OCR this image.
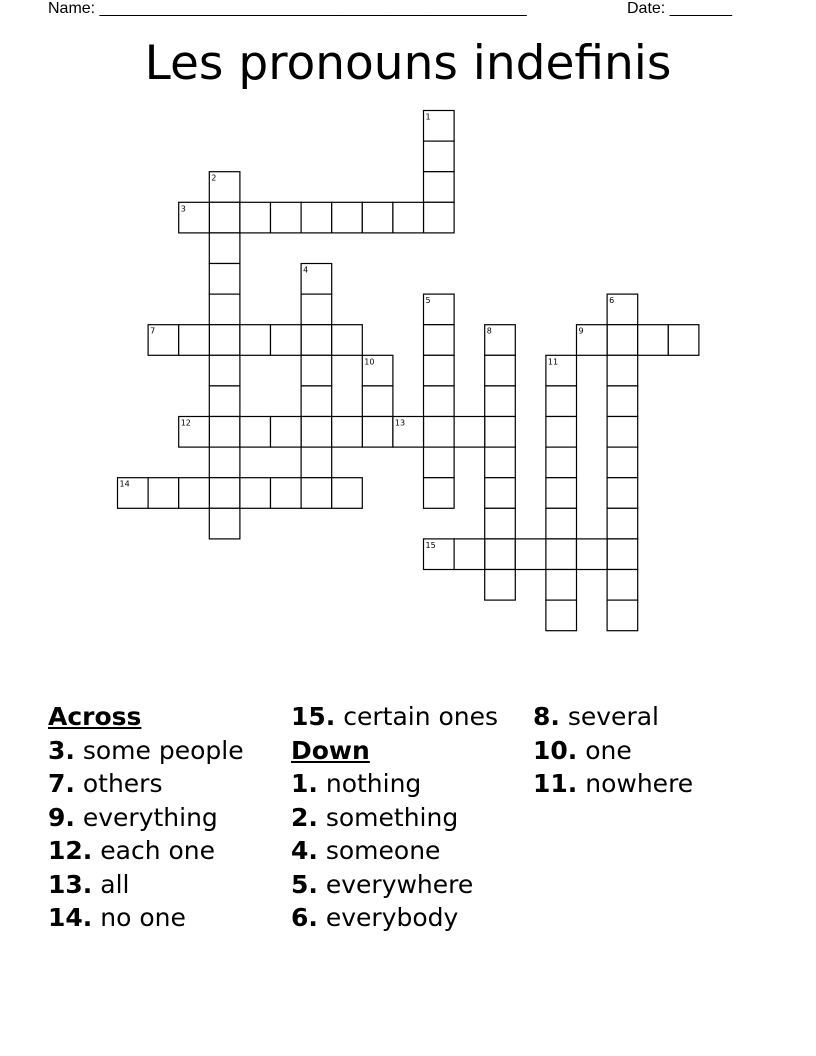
Name: ________________________________________________	Date: _______
Les pronouns indefinis
1
2
3
4
5	6
7	8	9
10	11
12	13
14
15
Across
3. some people
7. others
9. everything
12. each one
13. all
14. no one
15. certain ones
Down
1. nothing
2. something
4. someone
5. everywhere
6. everybody
8. several
10. one
11. nowhere
